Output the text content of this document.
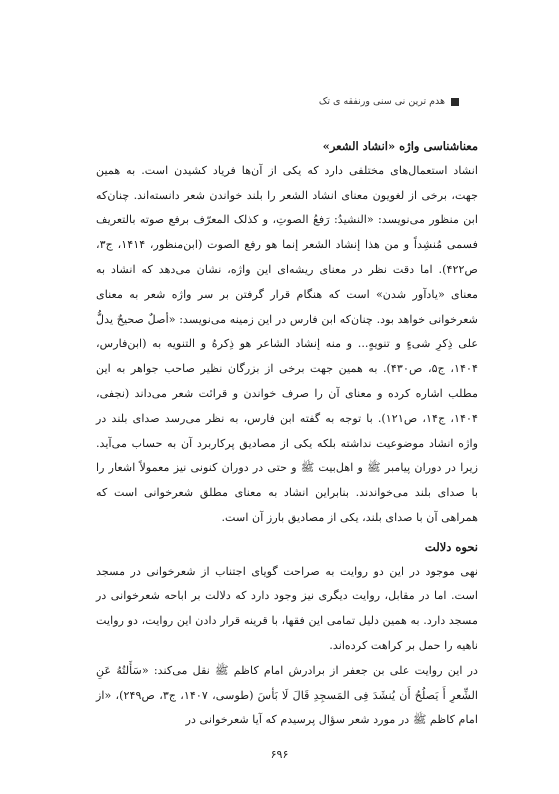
هدم ترین نی سنی ورنفقه ی تک

معناشناسی واژه «انشاد الشعر»

انشاد استعمال‌های مختلفی دارد که یکی از آن‌ها فریاد کشیدن است. به همین جهت، برخی از لغویون معنای انشاد الشعر را بلند خواندن شعر دانسته‌اند. چنان‌که ابن منظور می‌نویسد: «النشیدُ: رَفعُ الصوتِ، و کذلک المعرّف برفع صوته بالتعریف فسمی مُنشِداً و من هذا إنشاد الشعر إنما هو رفع الصوت (ابن‌منظور، ۱۴۱۴، ج۳، ص۴۲۲). اما دقت نظر در معنای ریشه‌ای این واژه، نشان می‌دهد که انشاد به معنای «یادآور شدن» است که هنگام قرار گرفتن بر سر واژه شعر به معنای شعرخوانی خواهد بود. چنان‌که ابن فارس در این زمینه می‌نویسد: «أصلٌ صحیحٌ یدلُّ علی ذِکرِ شیءٍ و تنویهٍ... و منه إنشاد الشاعر هو ذِکرهُ و التنویه به (ابن‌فارس، ۱۴۰۴، ج۵، ص۴۳۰). به همین جهت برخی از بزرگان نظیر صاحب جواهر به این مطلب اشاره کرده و معنای آن را صرف خواندن و قرائت شعر می‌داند (نجفی، ۱۴۰۴، ج۱۴، ص۱۲۱). با توجه به گفته ابن فارس، به نظر می‌رسد صدای بلند در واژه انشاد موضوعیت نداشته بلکه یکی از مصادیق پرکاربرد آن به حساب می‌آید. زیرا در دوران پیامبر ﷺ و اهل‌بیت ﷺ و حتی در دوران کنونی نیز معمولاً اشعار را با صدای بلند می‌خواندند. بنابراین انشاد به معنای مطلق شعرخوانی است که همراهی آن با صدای بلند، یکی از مصادیق بارز آن است.

نحوه دلالت

نهی موجود در این دو روایت به صراحت گویای اجتناب از شعرخوانی در مسجد است. اما در مقابل، روایت دیگری نیز وجود دارد که دلالت بر اباحه شعرخوانی در مسجد دارد. به همین دلیل تمامی این فقها، با قرینه قرار دادن این روایت، دو روایت ناهیه را حمل بر کراهت کرده‌اند.

در این روایت علی بن جعفر از برادرش امام کاظم ﷺ نقل می‌کند: «سَأَلتُهُ عَنِ الشِّعرِ أَ یَصلُحُ أَن یُنشَدَ فِی المَسجِدِ قَالَ لَا بَأسَ (طوسی، ۱۴۰۷، ج۳، ص۲۴۹)، «از امام کاظم ﷺ در مورد شعر سؤال پرسیدم که آیا شعرخوانی در

۶۹۶
